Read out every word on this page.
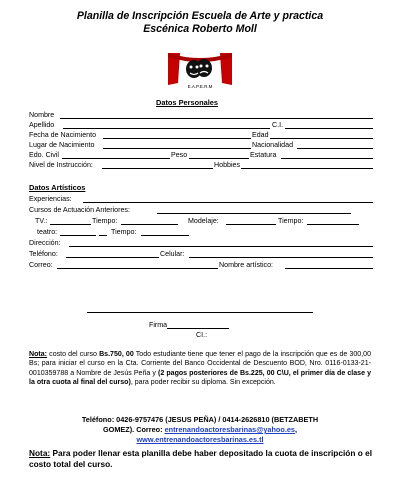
Planilla de Inscripción Escuela de Arte y practica
Escénica Roberto Moll
E.A.P.E.R.M
Datos Personales
Nombre
Apellido	C.I.
Fecha de Nacimiento	Edad
Lugar de Nacimiento	Nacionalidad
Edo. Civil	Peso	Estatura
Nivel de Instrucción:	Hobbies
Datos Artísticos
Experiencias:
Cursos de Actuación Anteriores:
TV.:	Tiempo:	Modelaje:	Tiempo:
teatro:	Tiempo:
Dirección:
Teléfono:	Celular:
Correo:	Nombre artístico:
Firma
CI.:
Nota: costo del curso Bs.750, 00 Todo estudiante tiene que tener el pago de la inscripción que es de 300,00 Bs; para iniciar el curso en la Cta. Corriente del Banco Occidental de Descuento BOD, Nro. 0116-0133-21-0010359788 a Nombre de Jesús Peña y (2 pagos posteriores de Bs.225, 00 C\U, el primer día de clase y la otra cuota al final del curso), para poder recibir su diploma. Sin excepción.
Teléfono: 0426-9757476 (JESUS PEÑA) / 0414-2626810 (BETZABETH
GOMEZ). Correo: entrenandoactoresbarinas@yahoo.es,
www.entrenandoactoresbarinas.es.tl
Nota: Para poder llenar esta planilla debe haber depositado la cuota de inscripción o el costo total del curso.
